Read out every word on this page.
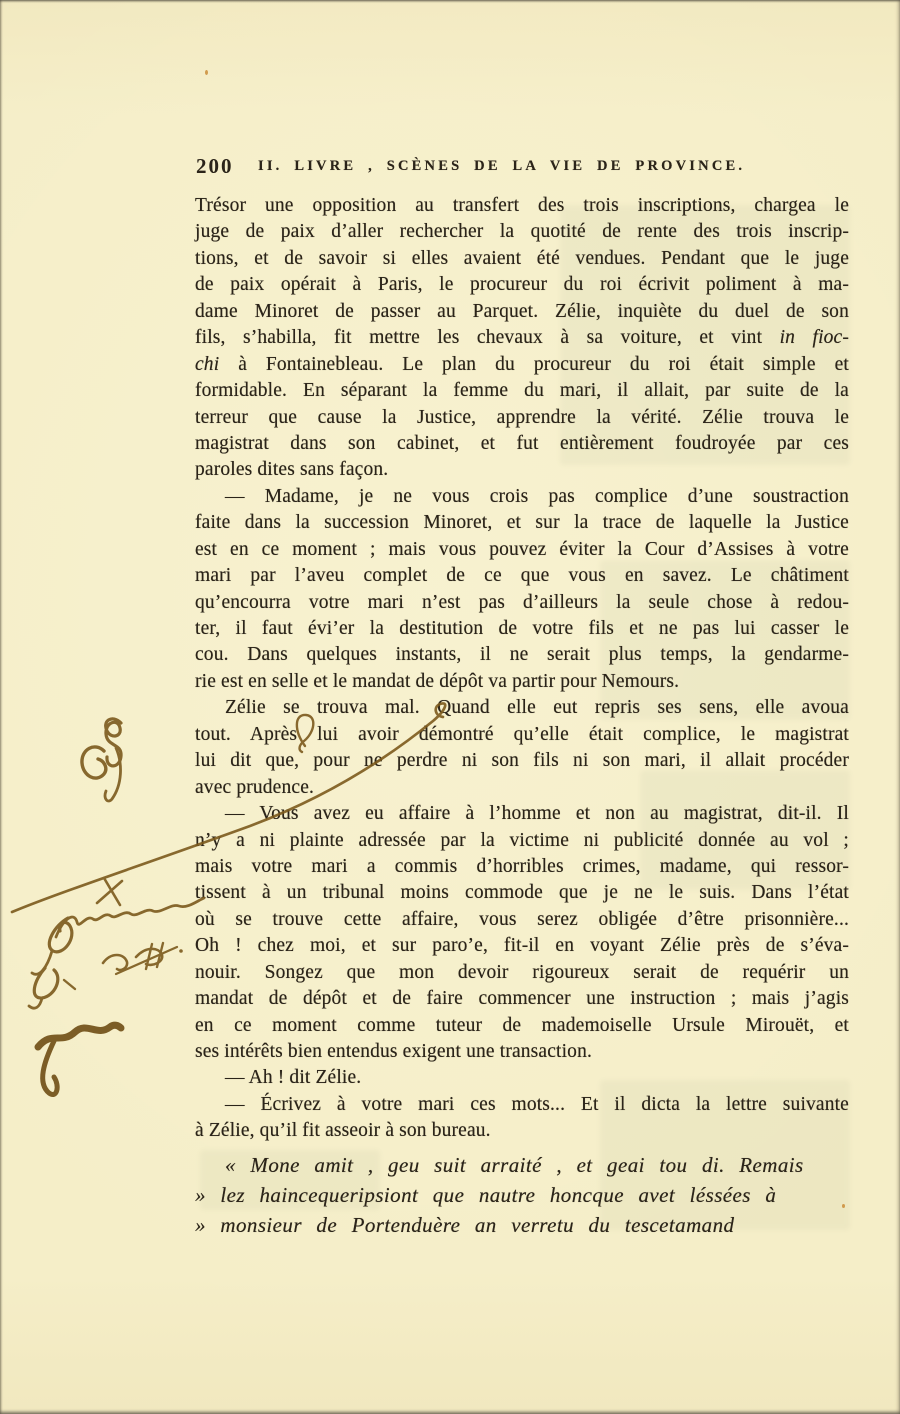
200 II. LIVRE , SCÈNES DE LA VIE DE PROVINCE.
Trésor une opposition au transfert des trois inscriptions, chargea le
juge de paix d’aller rechercher la quotité de rente des trois inscrip-
tions, et de savoir si elles avaient été vendues. Pendant que le juge
de paix opérait à Paris, le procureur du roi écrivit poliment à ma-
dame Minoret de passer au Parquet. Zélie, inquiète du duel de son
fils, s’habilla, fit mettre les chevaux à sa voiture, et vint in fioc-
chi à Fontainebleau. Le plan du procureur du roi était simple et
formidable. En séparant la femme du mari, il allait, par suite de la
terreur que cause la Justice, apprendre la vérité. Zélie trouva le
magistrat dans son cabinet, et fut entièrement foudroyée par ces
paroles dites sans façon.
— Madame, je ne vous crois pas complice d’une soustraction
faite dans la succession Minoret, et sur la trace de laquelle la Justice
est en ce moment ; mais vous pouvez éviter la Cour d’Assises à votre
mari par l’aveu complet de ce que vous en savez. Le châtiment
qu’encourra votre mari n’est pas d’ailleurs la seule chose à redou-
ter, il faut évi’er la destitution de votre fils et ne pas lui casser le
cou. Dans quelques instants, il ne serait plus temps, la gendarme-
rie est en selle et le mandat de dépôt va partir pour Nemours.
Zélie se trouva mal. Quand elle eut repris ses sens, elle avoua
tout. Après lui avoir démontré qu’elle était complice, le magistrat
lui dit que, pour ne perdre ni son fils ni son mari, il allait procéder
avec prudence.
— Vous avez eu affaire à l’homme et non au magistrat, dit-il. Il
n’y a ni plainte adressée par la victime ni publicité donnée au vol ;
mais votre mari a commis d’horribles crimes, madame, qui ressor-
tissent à un tribunal moins commode que je ne le suis. Dans l’état
où se trouve cette affaire, vous serez obligée d’être prisonnière...
Oh ! chez moi, et sur paro’e, fit-il en voyant Zélie près de s’éva-
nouir. Songez que mon devoir rigoureux serait de requérir un
mandat de dépôt et de faire commencer une instruction ; mais j’agis
en ce moment comme tuteur de mademoiselle Ursule Mirouët, et
ses intérêts bien entendus exigent une transaction.
— Ah ! dit Zélie.
— Écrivez à votre mari ces mots... Et il dicta la lettre suivante
à Zélie, qu’il fit asseoir à son bureau.
« Mone amit , geu suit arraité , et geai tou di. Remais
» lez haincequeripsiont que nautre honcque avet léssées à
» monsieur de Portenduère an verretu du tescetamand
